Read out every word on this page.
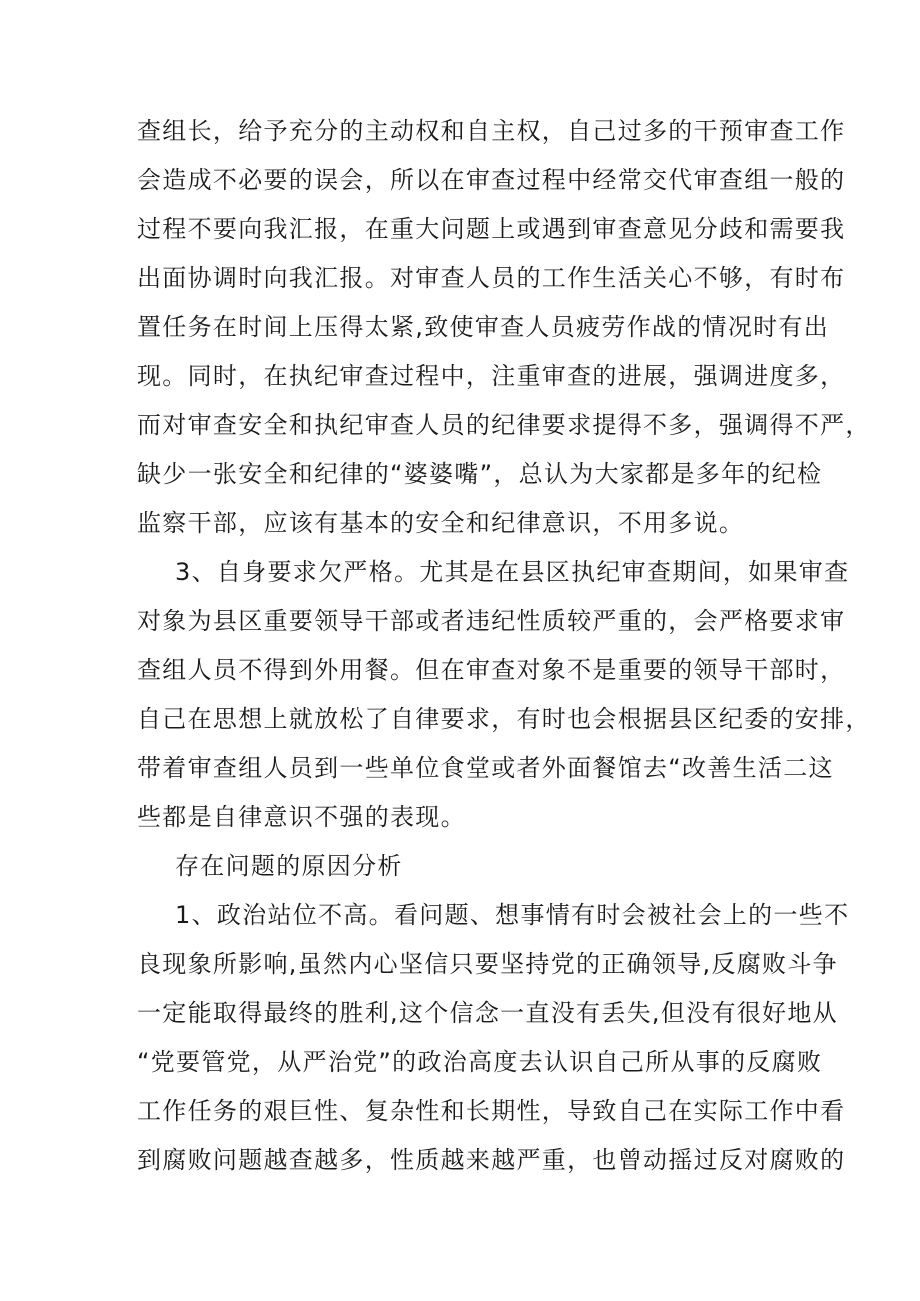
查组长，给予充分的主动权和自主权，自己过多的干预审查工作
会造成不必要的误会，所以在审查过程中经常交代审查组一般的
过程不要向我汇报，在重大问题上或遇到审查意见分歧和需要我
出面协调时向我汇报。对审查人员的工作生活关心不够，有时布
置任务在时间上压得太紧,致使审查人员疲劳作战的情况时有出
现。同时，在执纪审查过程中，注重审查的进展，强调进度多，
而对审查安全和执纪审查人员的纪律要求提得不多，强调得不严，
缺少一张安全和纪律的“婆婆嘴”，总认为大家都是多年的纪检
监察干部，应该有基本的安全和纪律意识，不用多说。
3、自身要求欠严格。尤其是在县区执纪审查期间，如果审查
对象为县区重要领导干部或者违纪性质较严重的，会严格要求审
查组人员不得到外用餐。但在审查对象不是重要的领导干部时，
自己在思想上就放松了自律要求，有时也会根据县区纪委的安排，
带着审查组人员到一些单位食堂或者外面餐馆去“改善生活二这
些都是自律意识不强的表现。
存在问题的原因分析
1、政治站位不高。看问题、想事情有时会被社会上的一些不
良现象所影响,虽然内心坚信只要坚持党的正确领导,反腐败斗争
一定能取得最终的胜利,这个信念一直没有丢失,但没有很好地从
“党要管党，从严治党”的政治高度去认识自己所从事的反腐败
工作任务的艰巨性、复杂性和长期性，导致自己在实际工作中看
到腐败问题越查越多，性质越来越严重，也曾动摇过反对腐败的
